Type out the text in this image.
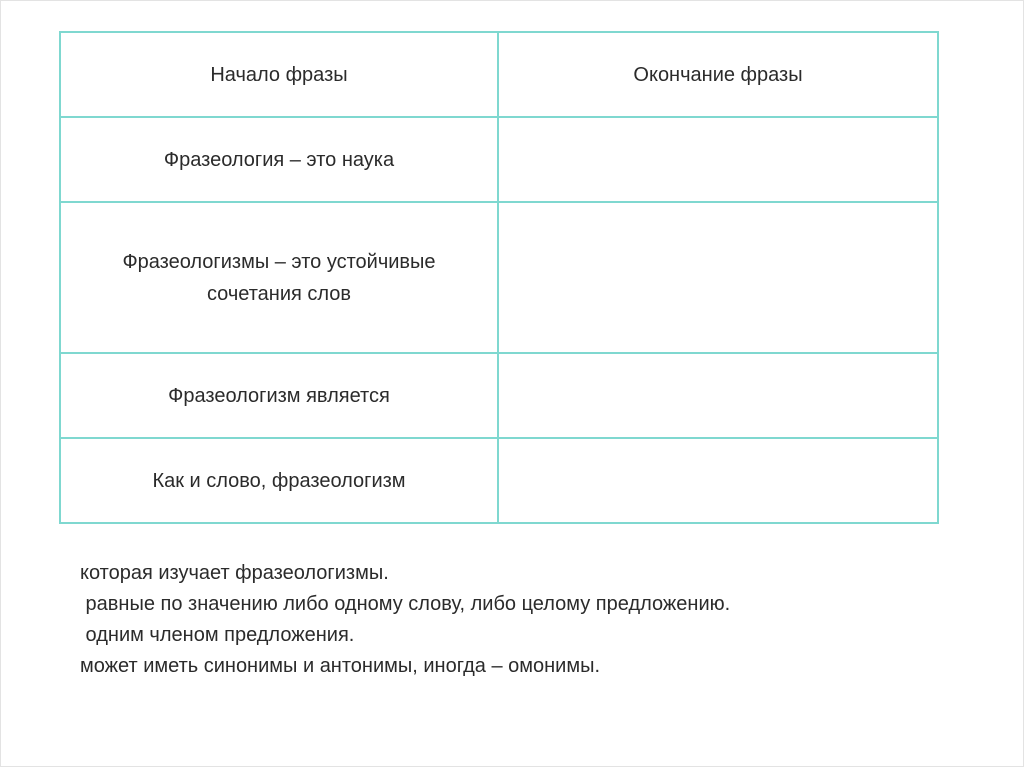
Начало фразы	Окончание фразы
Фразеология – это наука	
Фразеологизмы – это устойчивые сочетания слов	
Фразеологизм является	
Как и слово, фразеологизм	
которая изучает фразеологизмы.
равные по значению либо одному слову, либо целому предложению.
одним членом предложения.
может иметь синонимы и антонимы, иногда – омонимы.
